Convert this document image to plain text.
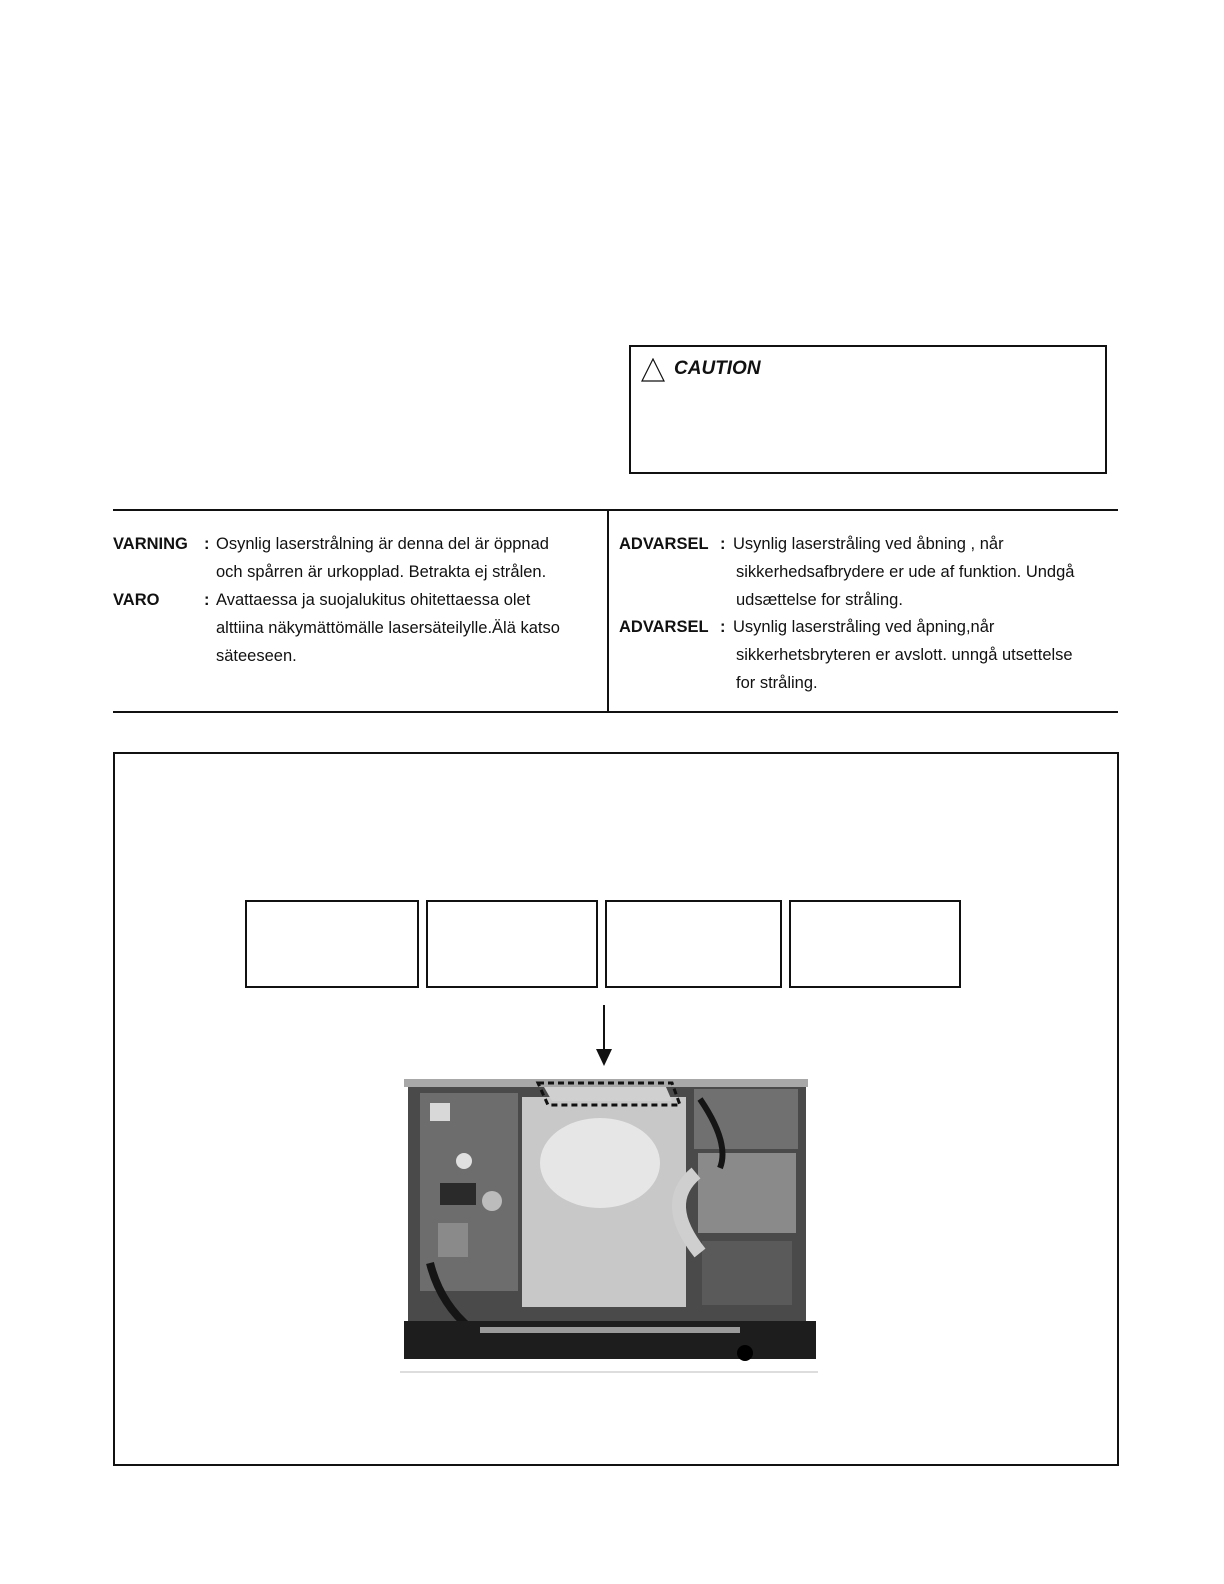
CAUTION
VARNING : Osynlig laserstrålning är denna del är öppnad
och spårren är urkopplad. Betrakta ej strålen.
VARO	: Avattaessa ja suojalukitus ohitettaessa olet
alttiina näkymättömälle lasersäteilylle.Älä katso
säteeseen.
ADVARSEL : Usynlig laserstråling ved åbning , når
sikkerhedsafbrydere er ude af funktion. Undgå
udsættelse for stråling.
ADVARSEL : Usynlig laserstråling ved åpning,når
sikkerhetsbryteren er avslott. unngå utsettelse
for stråling.
